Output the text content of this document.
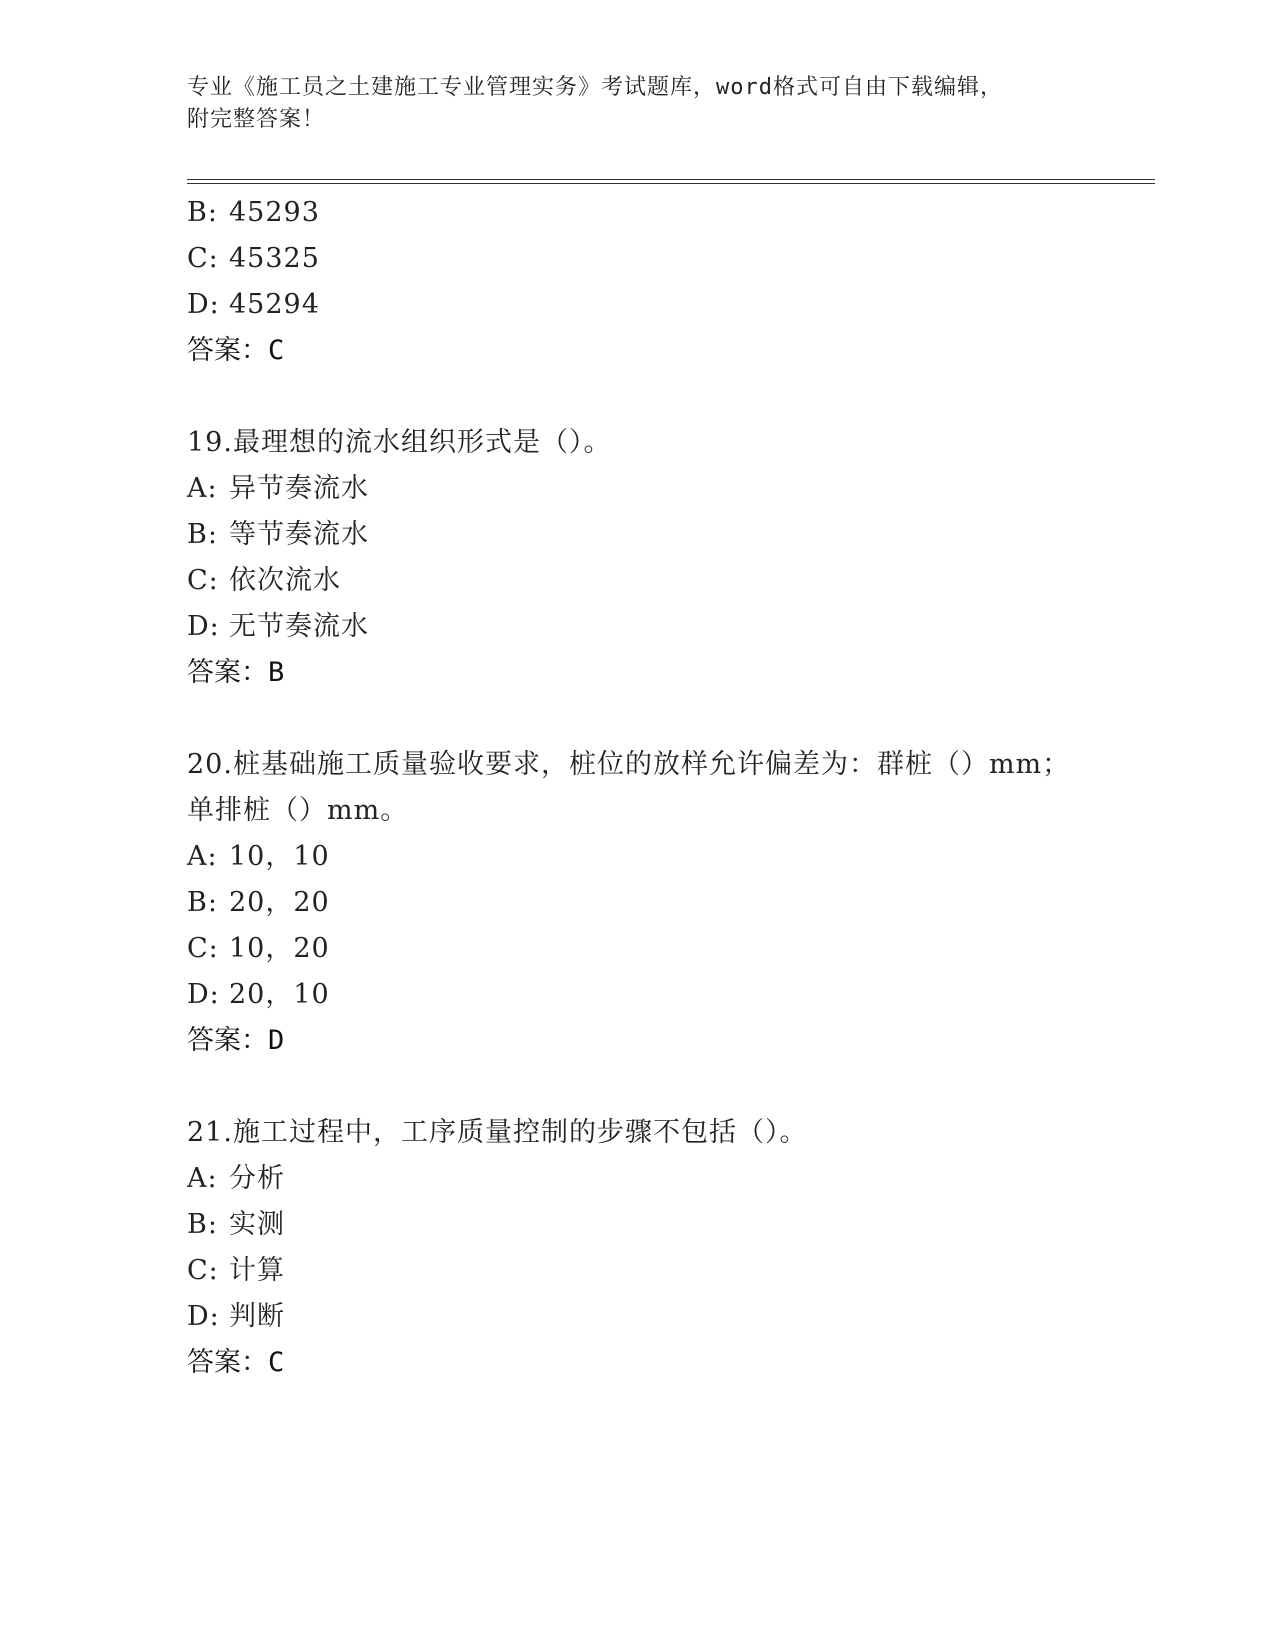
专业《施工员之土建施工专业管理实务》考试题库，word格式可自由下载编辑，
附完整答案！
B: 45293
C: 45325
D: 45294
答案：C
19.最理想的流水组织形式是（）。
A: 异节奏流水
B: 等节奏流水
C: 依次流水
D: 无节奏流水
答案：B
20.桩基础施工质量验收要求，桩位的放样允许偏差为：群桩（）mm；
单排桩（）mm。
A: 10，10
B: 20，20
C: 10，20
D: 20，10
答案：D
21.施工过程中，工序质量控制的步骤不包括（）。
A: 分析
B: 实测
C: 计算
D: 判断
答案：C
